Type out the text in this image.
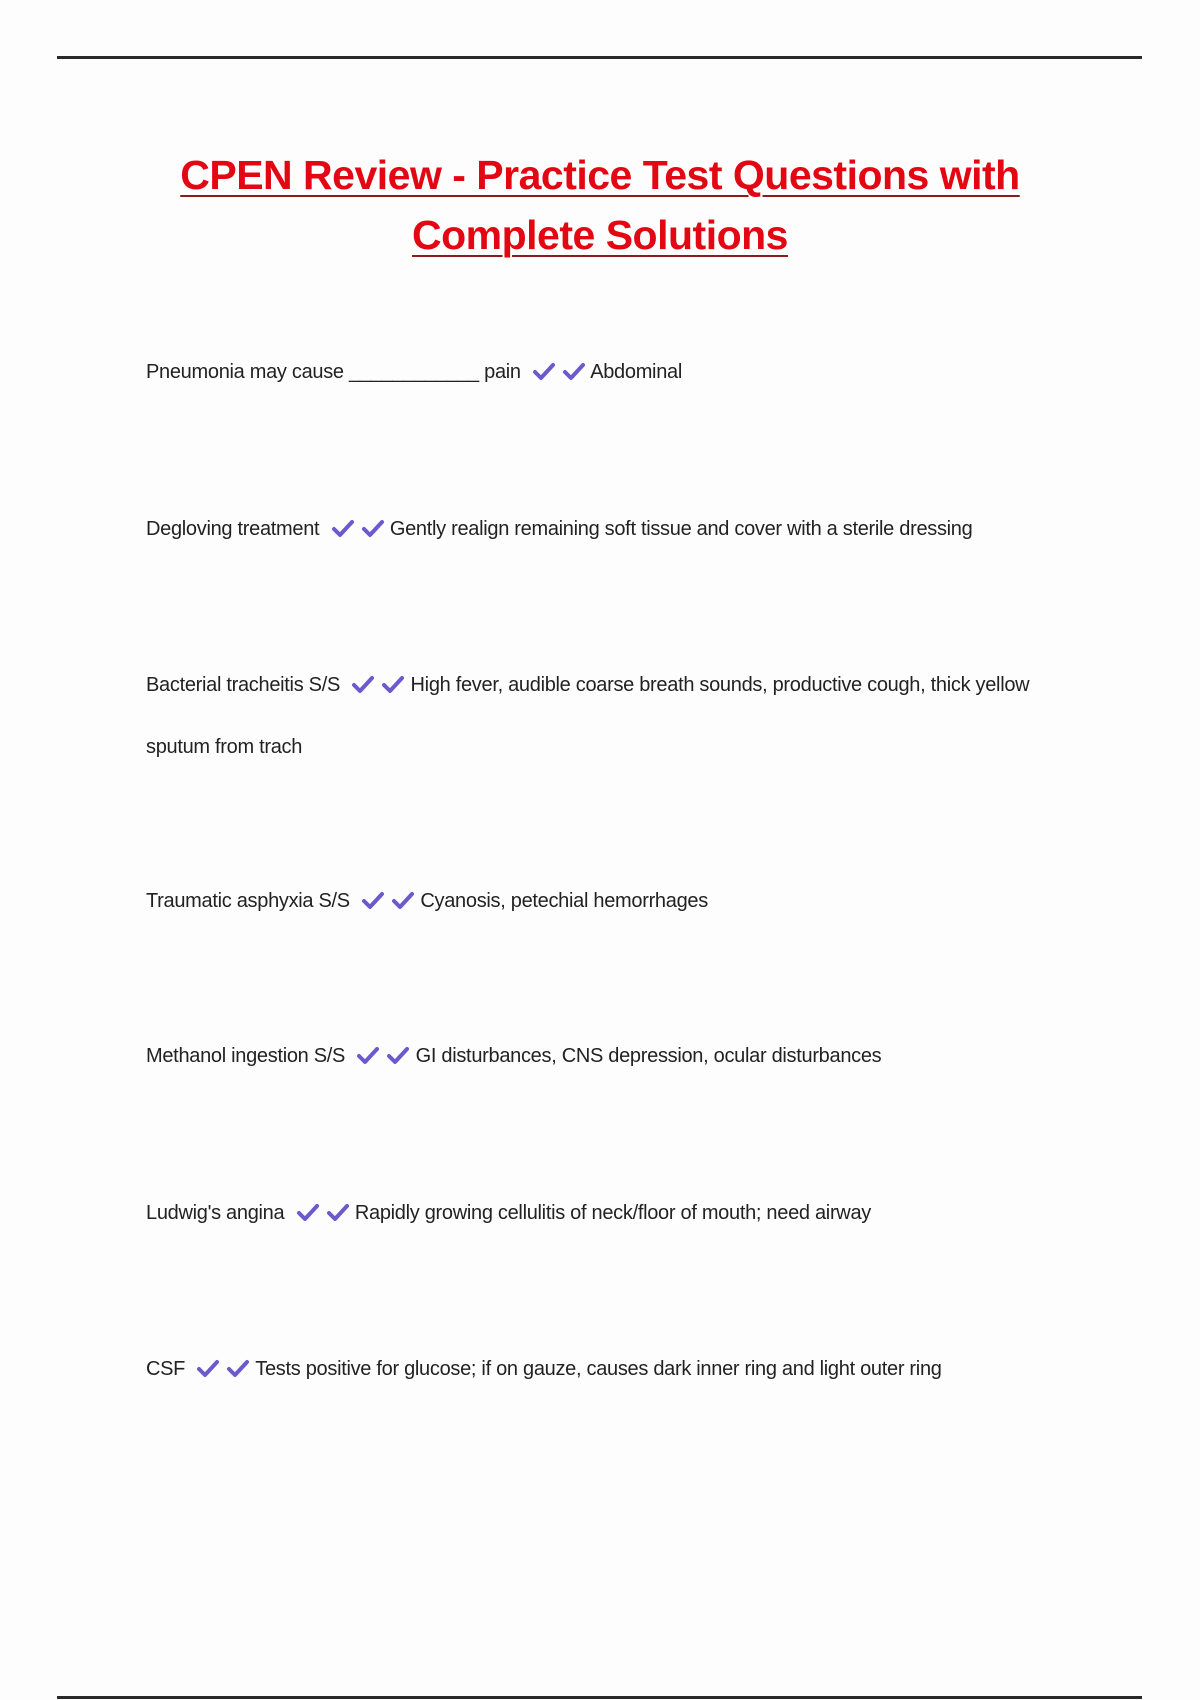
CPEN Review - Practice Test Questions with
Complete Solutions
Pneumonia may cause ____________ pain	Abdominal
Degloving treatment	Gently realign remaining soft tissue and cover with a sterile dressing
Bacterial tracheitis S/S	High fever, audible coarse breath sounds, productive cough, thick yellow sputum from trach
Traumatic asphyxia S/S	Cyanosis, petechial hemorrhages
Methanol ingestion S/S	GI disturbances, CNS depression, ocular disturbances
Ludwig's angina	Rapidly growing cellulitis of neck/floor of mouth; need airway
CSF	Tests positive for glucose; if on gauze, causes dark inner ring and light outer ring
